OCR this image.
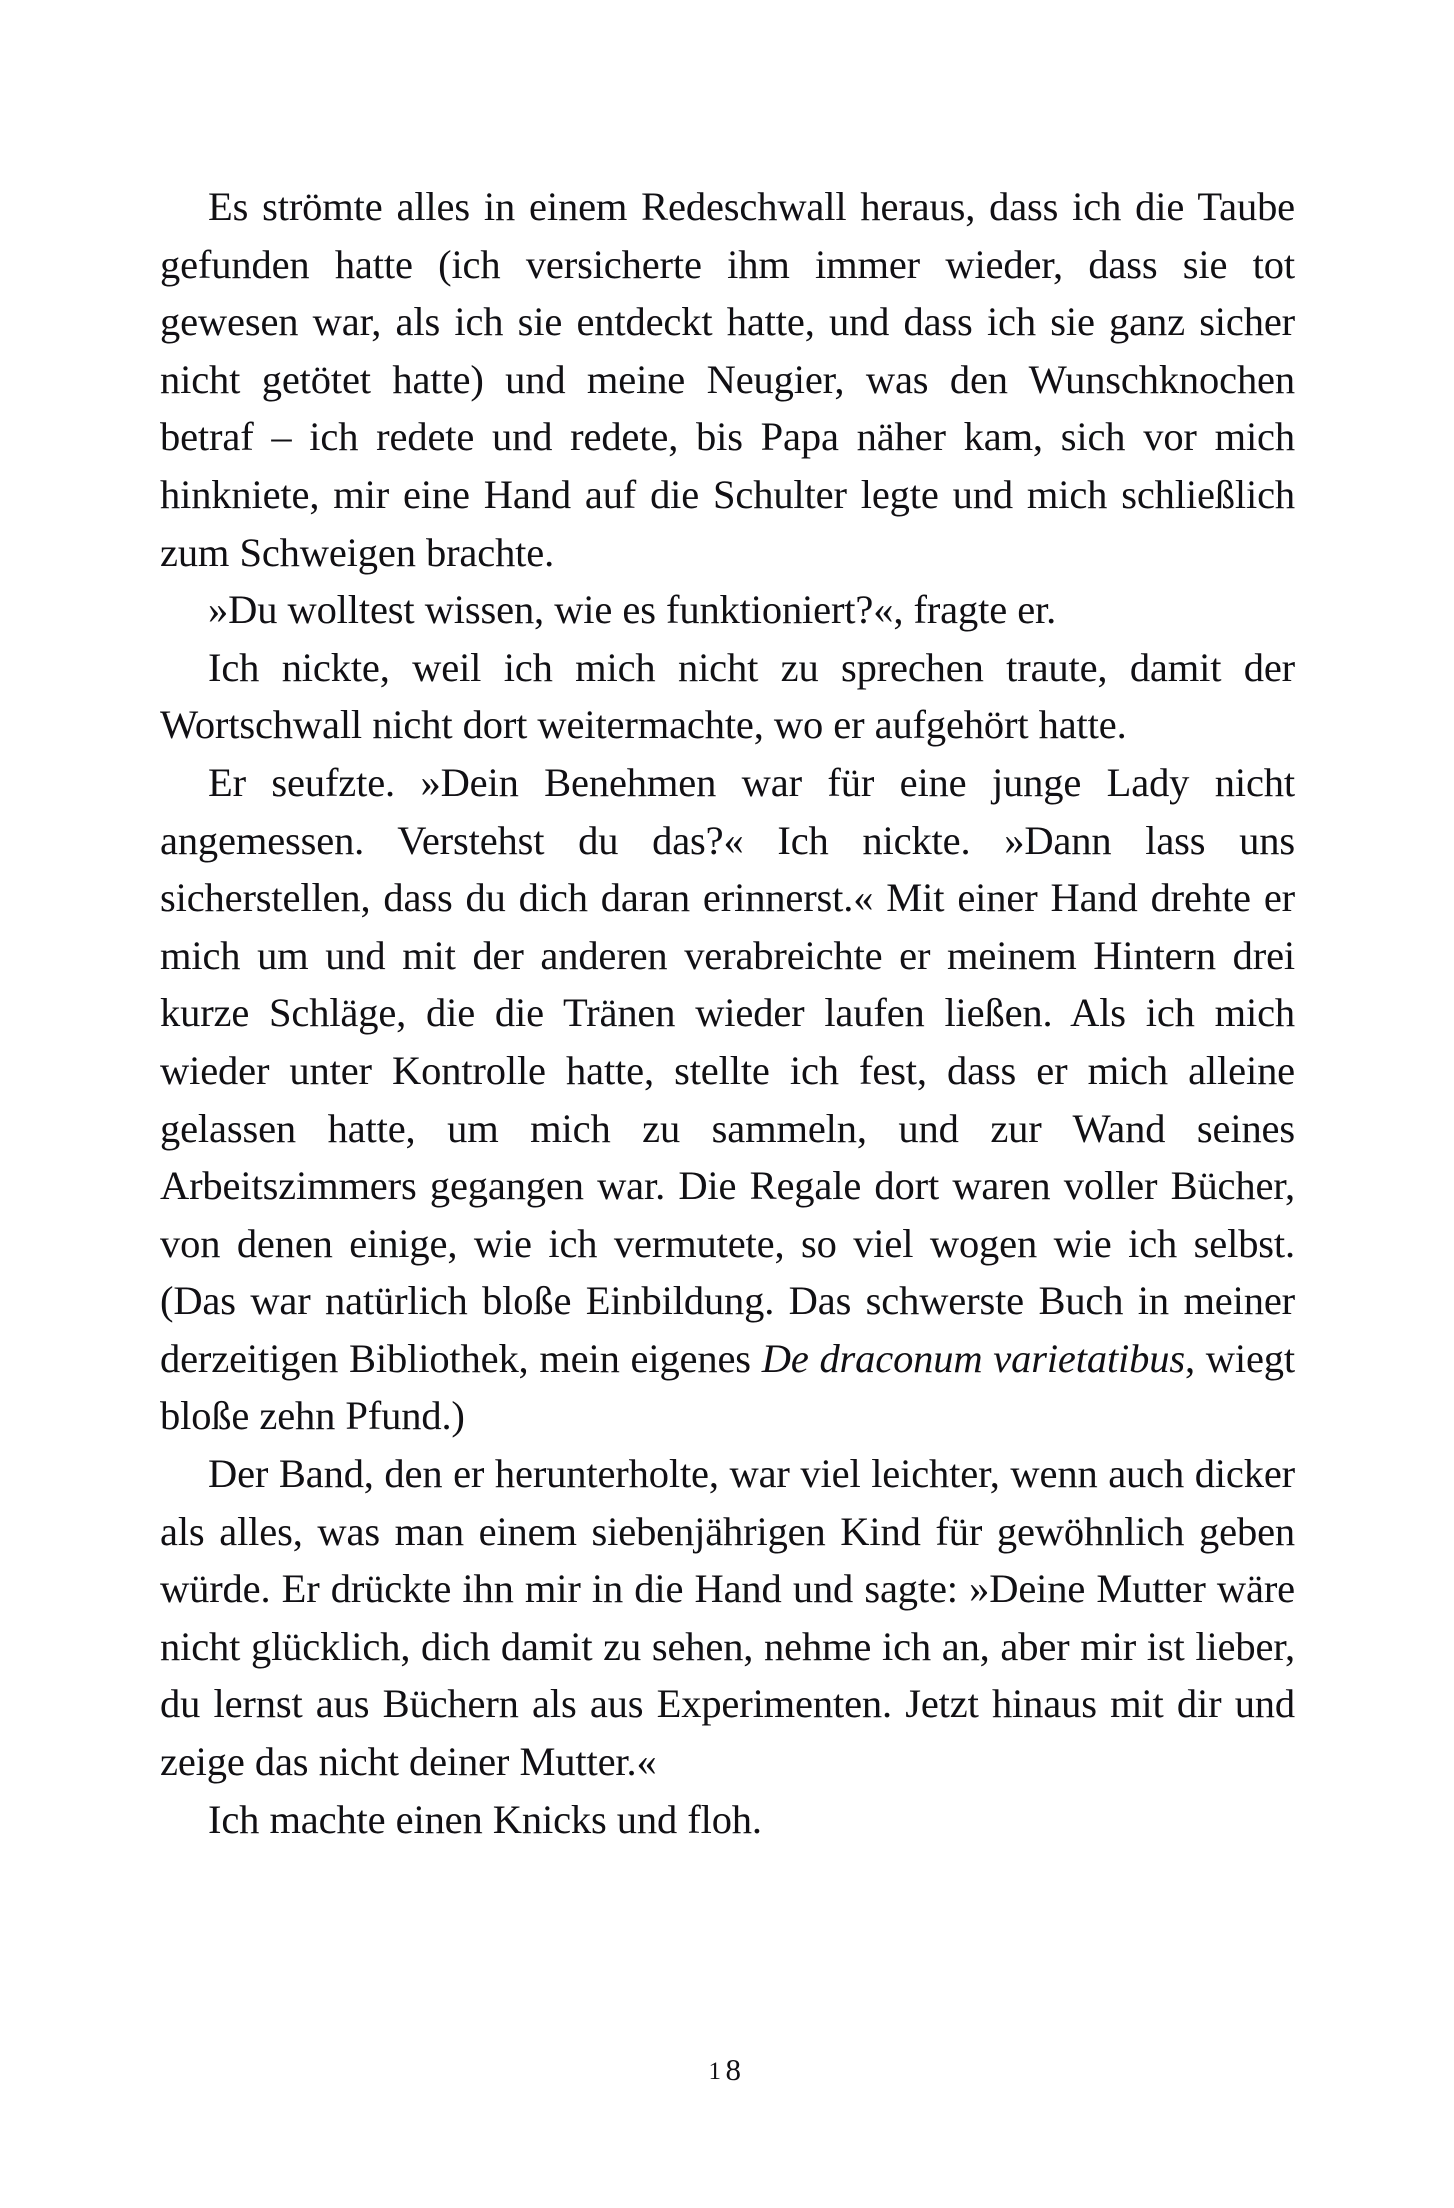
Es strömte alles in einem Redeschwall heraus, dass ich die Taube gefunden hatte (ich versicherte ihm immer wieder, dass sie tot gewesen war, als ich sie entdeckt hatte, und dass ich sie ganz sicher nicht getötet hatte) und meine Neugier, was den Wunschknochen betraf – ich redete und redete, bis Papa näher kam, sich vor mich hinkniete, mir eine Hand auf die Schulter legte und mich schließlich zum Schweigen brachte.

»Du wolltest wissen, wie es funktioniert?«, fragte er.

Ich nickte, weil ich mich nicht zu sprechen traute, damit der Wortschwall nicht dort weitermachte, wo er aufgehört hatte.

Er seufzte. »Dein Benehmen war für eine junge Lady nicht angemessen. Verstehst du das?« Ich nickte. »Dann lass uns sicherstellen, dass du dich daran erinnerst.« Mit einer Hand drehte er mich um und mit der anderen verabreichte er meinem Hintern drei kurze Schläge, die die Tränen wieder laufen ließen. Als ich mich wieder unter Kontrolle hatte, stellte ich fest, dass er mich alleine gelassen hatte, um mich zu sammeln, und zur Wand seines Arbeitszimmers gegangen war. Die Regale dort waren voller Bücher, von denen einige, wie ich vermutete, so viel wogen wie ich selbst. (Das war natürlich bloße Einbildung. Das schwerste Buch in meiner derzeitigen Bibliothek, mein eigenes De draconum varietatibus, wiegt bloße zehn Pfund.)

Der Band, den er herunterholte, war viel leichter, wenn auch dicker als alles, was man einem siebenjährigen Kind für gewöhnlich geben würde. Er drückte ihn mir in die Hand und sagte: »Deine Mutter wäre nicht glücklich, dich damit zu sehen, nehme ich an, aber mir ist lieber, du lernst aus Büchern als aus Experimenten. Jetzt hinaus mit dir und zeige das nicht deiner Mutter.«

Ich machte einen Knicks und floh.

18
